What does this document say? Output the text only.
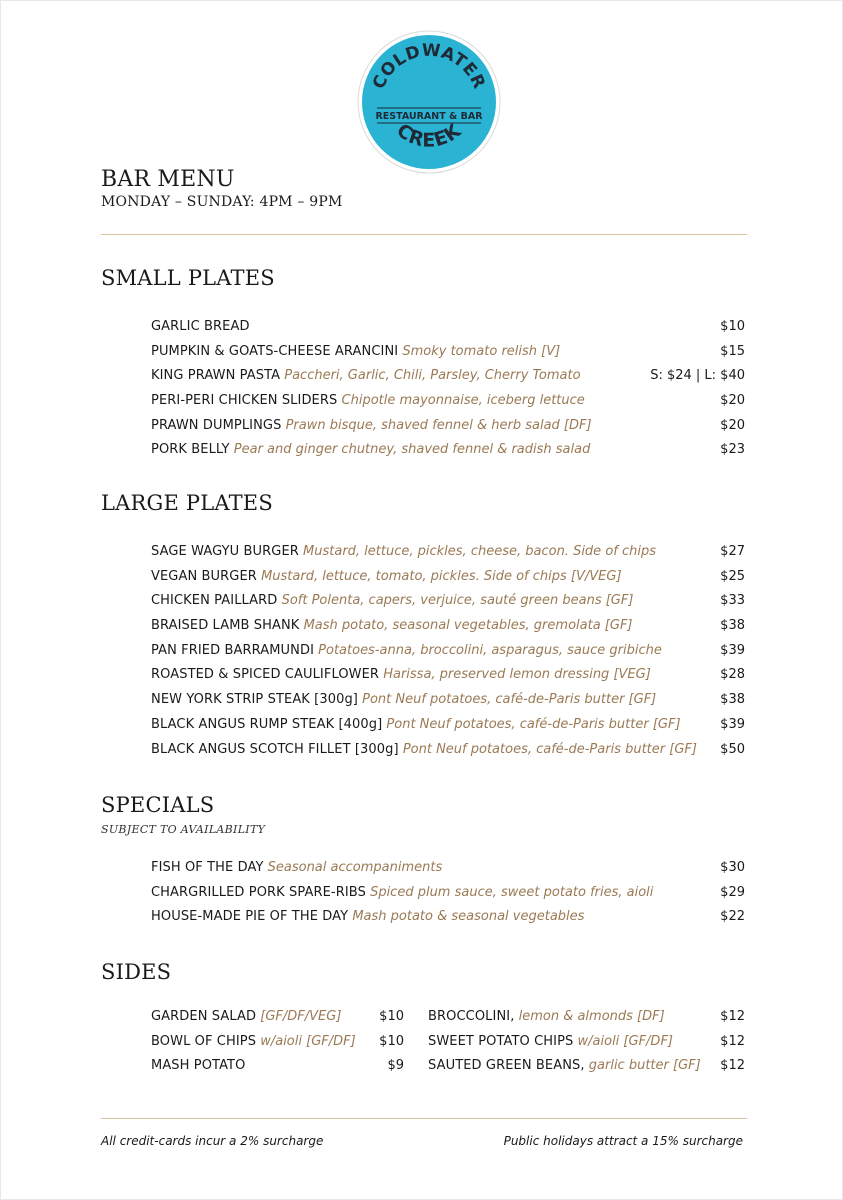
COLDWATER
RESTAURANT & BAR
CREEK
BAR MENU
MONDAY – SUNDAY: 4PM – 9PM
SMALL PLATES
GARLIC BREAD	$10
PUMPKIN & GOATS-CHEESE ARANCINI Smoky tomato relish [V]	$15
KING PRAWN PASTA Paccheri, Garlic, Chili, Parsley, Cherry Tomato	S: $24 | L: $40
PERI-PERI CHICKEN SLIDERS Chipotle mayonnaise, iceberg lettuce	$20
PRAWN DUMPLINGS Prawn bisque, shaved fennel & herb salad [DF]	$20
PORK BELLY Pear and ginger chutney, shaved fennel & radish salad	$23
LARGE PLATES
SAGE WAGYU BURGER Mustard, lettuce, pickles, cheese, bacon. Side of chips	$27
VEGAN BURGER Mustard, lettuce, tomato, pickles. Side of chips [V/VEG]	$25
CHICKEN PAILLARD Soft Polenta, capers, verjuice, sauté green beans [GF]	$33
BRAISED LAMB SHANK Mash potato, seasonal vegetables, gremolata [GF]	$38
PAN FRIED BARRAMUNDI Potatoes-anna, broccolini, asparagus, sauce gribiche	$39
ROASTED & SPICED CAULIFLOWER Harissa, preserved lemon dressing [VEG]	$28
NEW YORK STRIP STEAK [300g] Pont Neuf potatoes, café-de-Paris butter [GF]	$38
BLACK ANGUS RUMP STEAK [400g] Pont Neuf potatoes, café-de-Paris butter [GF]	$39
BLACK ANGUS SCOTCH FILLET [300g] Pont Neuf potatoes, café-de-Paris butter [GF] $50
SPECIALS
SUBJECT TO AVAILABILITY
FISH OF THE DAY Seasonal accompaniments	$30
CHARGRILLED PORK SPARE-RIBS Spiced plum sauce, sweet potato fries, aioli	$29
HOUSE-MADE PIE OF THE DAY Mash potato & seasonal vegetables	$22
SIDES
GARDEN SALAD [GF/DF/VEG]	$10
BOWL OF CHIPS w/aioli [GF/DF] $10
MASH POTATO	$9
BROCCOLINI, lemon & almonds [DF]	$12
SWEET POTATO CHIPS w/aioli [GF/DF]	$12
SAUTED GREEN BEANS, garlic butter [GF] $12
All credit-cards incur a 2% surcharge	Public holidays attract a 15% surcharge
